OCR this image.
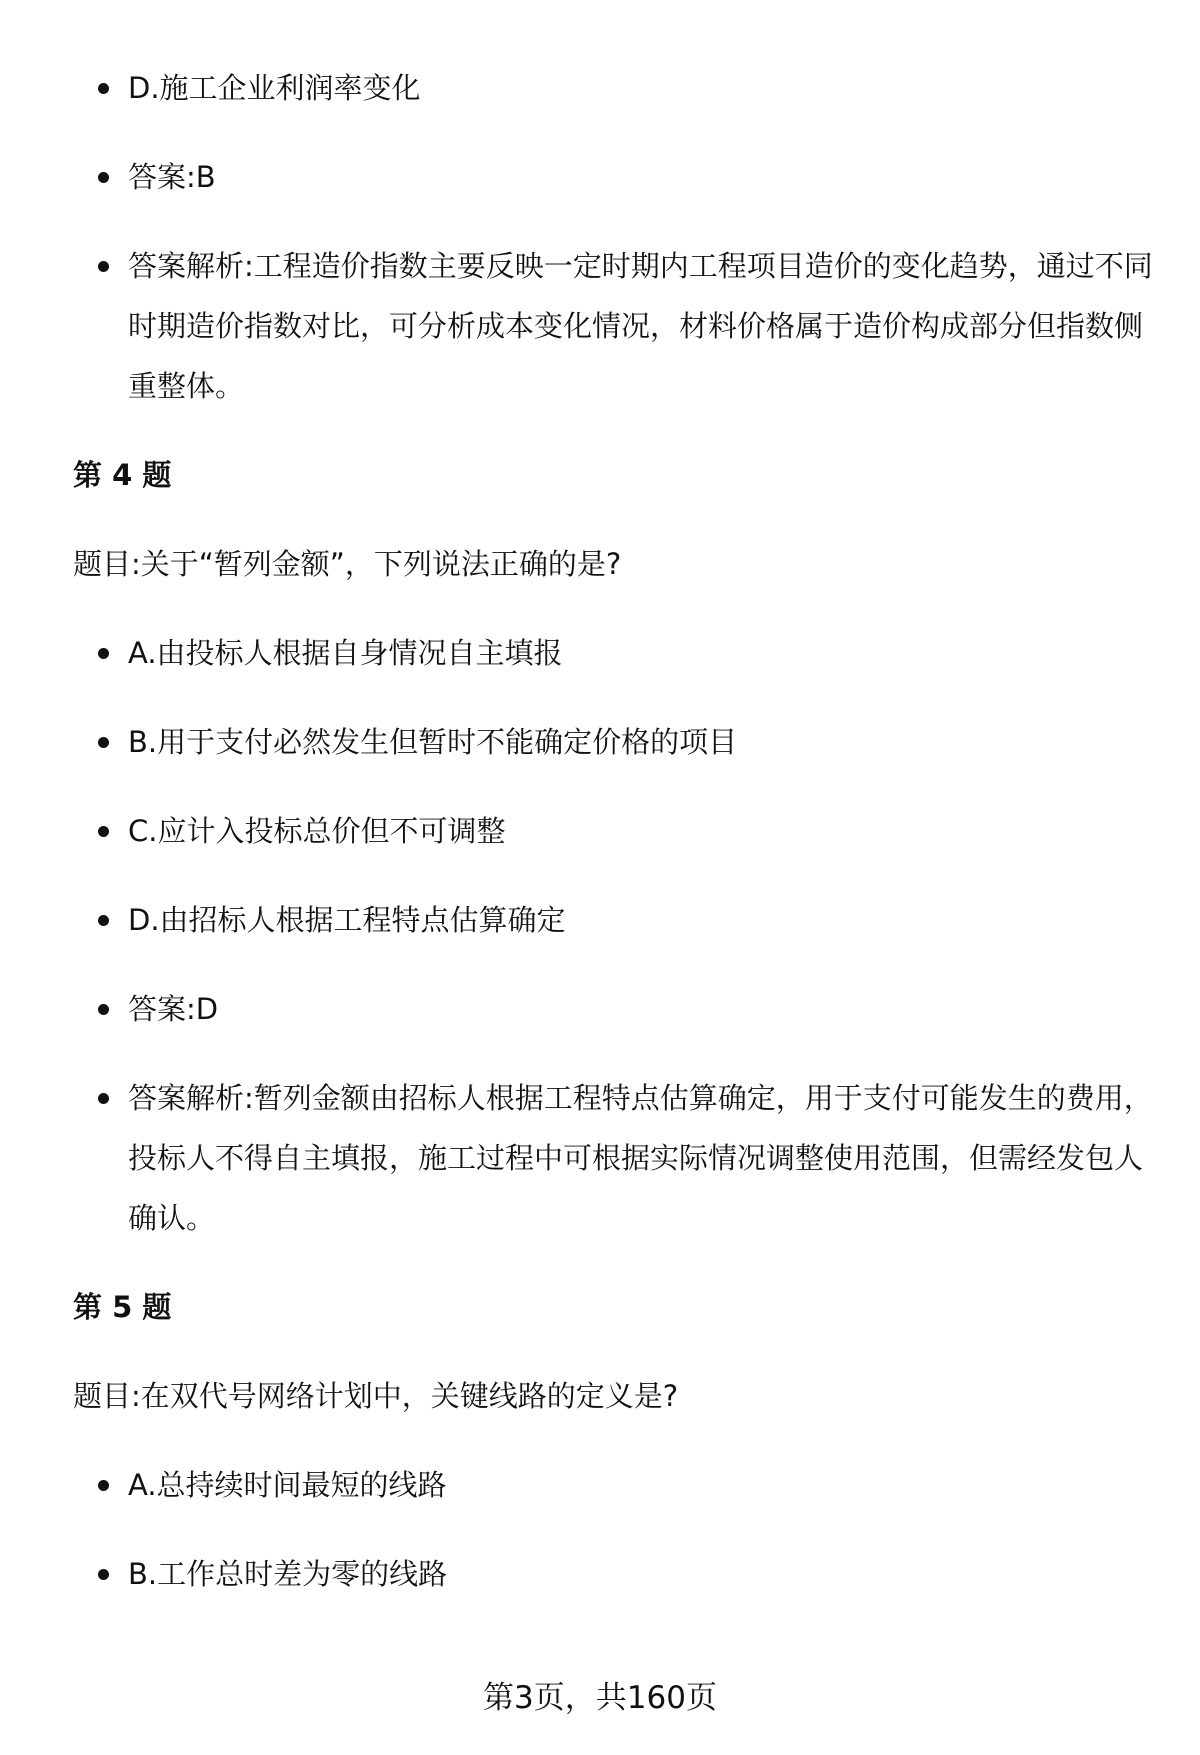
D.施工企业利润率变化
答案:B
答案解析:工程造价指数主要反映一定时期内工程项目造价的变化趋势，通过不同时期造价指数对比，可分析成本变化情况，材料价格属于造价构成部分但指数侧重整体。

第 4 题

题目:关于“暂列金额”，下列说法正确的是?

A.由投标人根据自身情况自主填报
B.用于支付必然发生但暂时不能确定价格的项目
C.应计入投标总价但不可调整
D.由招标人根据工程特点估算确定
答案:D
答案解析:暂列金额由招标人根据工程特点估算确定，用于支付可能发生的费用，投标人不得自主填报，施工过程中可根据实际情况调整使用范围，但需经发包人确认。

第 5 题

题目:在双代号网络计划中，关键线路的定义是?

A.总持续时间最短的线路
B.工作总时差为零的线路
第3页，共160页
